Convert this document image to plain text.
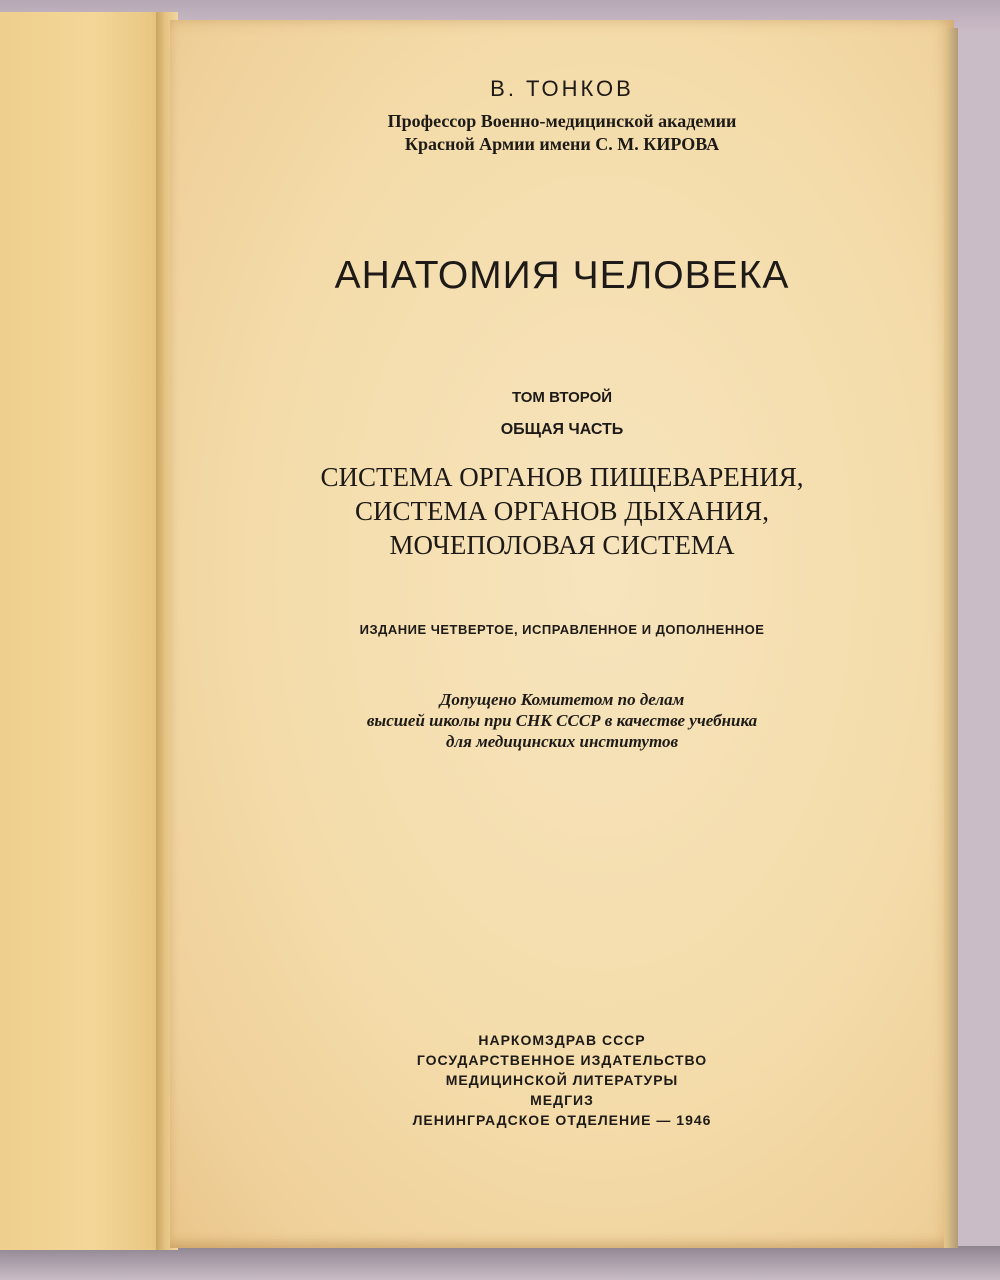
В. ТОНКОВ

Профессор Военно-медицинской академии
Красной Армии имени С. М. КИРОВА
АНАТОМИЯ ЧЕЛОВЕКА

ТОМ ВТОРОЙ

ОБЩАЯ ЧАСТЬ

СИСТЕМА ОРГАНОВ ПИЩЕВАРЕНИЯ,
СИСТЕМА ОРГАНОВ ДЫХАНИЯ,
МОЧЕПОЛОВАЯ СИСТЕМА

ИЗДАНИЕ ЧЕТВЕРТОЕ, ИСПРАВЛЕННОЕ И ДОПОЛНЕННОЕ

Допущено Комитетом по делам
высшей школы при СНК СССР в качестве учебника
для медицинских институтов
НАРКОМЗДРАВ СССР
ГОСУДАРСТВЕННОЕ ИЗДАТЕЛЬСТВО
МЕДИЦИНСКОЙ ЛИТЕРАТУРЫ
МЕДГИЗ
ЛЕНИНГРАДСКОЕ ОТДЕЛЕНИЕ — 1946
